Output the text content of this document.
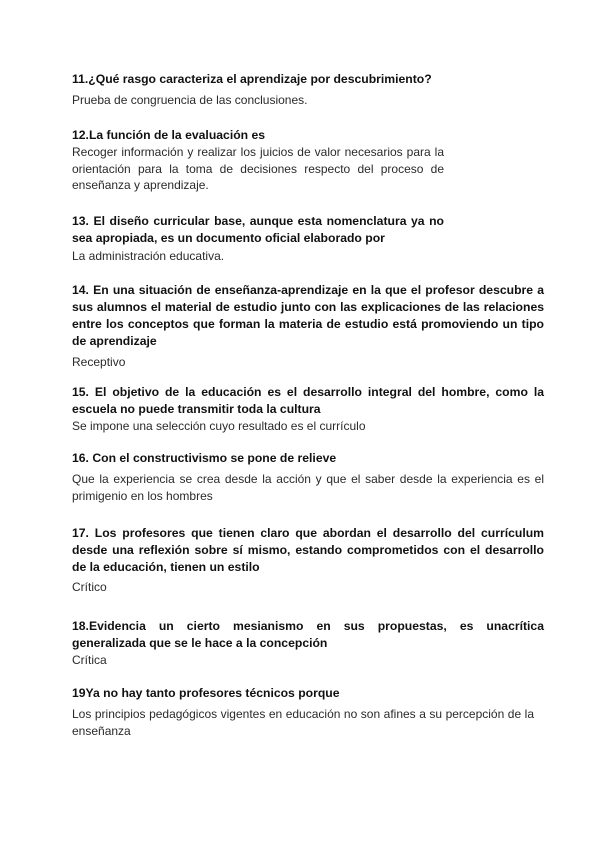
11.¿Qué rasgo caracteriza el aprendizaje por descubrimiento?

Prueba de congruencia de las conclusiones.

12.La función de la evaluación es

Recoger información y realizar los juicios de valor necesarios para la orientación para la toma de decisiones respecto del proceso de enseñanza y aprendizaje.

13. El diseño curricular base, aunque esta nomenclatura ya no sea apropiada, es un documento oficial elaborado por

La administración educativa.

14. En una situación de enseñanza-aprendizaje en la que el profesor descubre a sus alumnos el material de estudio junto con las explicaciones de las relaciones entre los conceptos que forman la materia de estudio está promoviendo un tipo de aprendizaje

Receptivo

15. El objetivo de la educación es el desarrollo integral del hombre, como la escuela no puede transmitir toda la cultura

Se impone una selección cuyo resultado es el currículo

16. Con el constructivismo se pone de relieve

Que la experiencia se crea desde la acción y que el saber desde la experiencia es el primigenio en los hombres

17. Los profesores que tienen claro que abordan el desarrollo del currículum desde una reflexión sobre sí mismo, estando comprometidos con el desarrollo de la educación, tienen un estilo

Crítico

18.Evidencia un cierto mesianismo en sus propuestas, es unacrítica generalizada que se le hace a la concepción

Crítica

19Ya no hay tanto profesores técnicos porque

Los principios pedagógicos vigentes en educación no son afines a su percepción de la enseñanza
